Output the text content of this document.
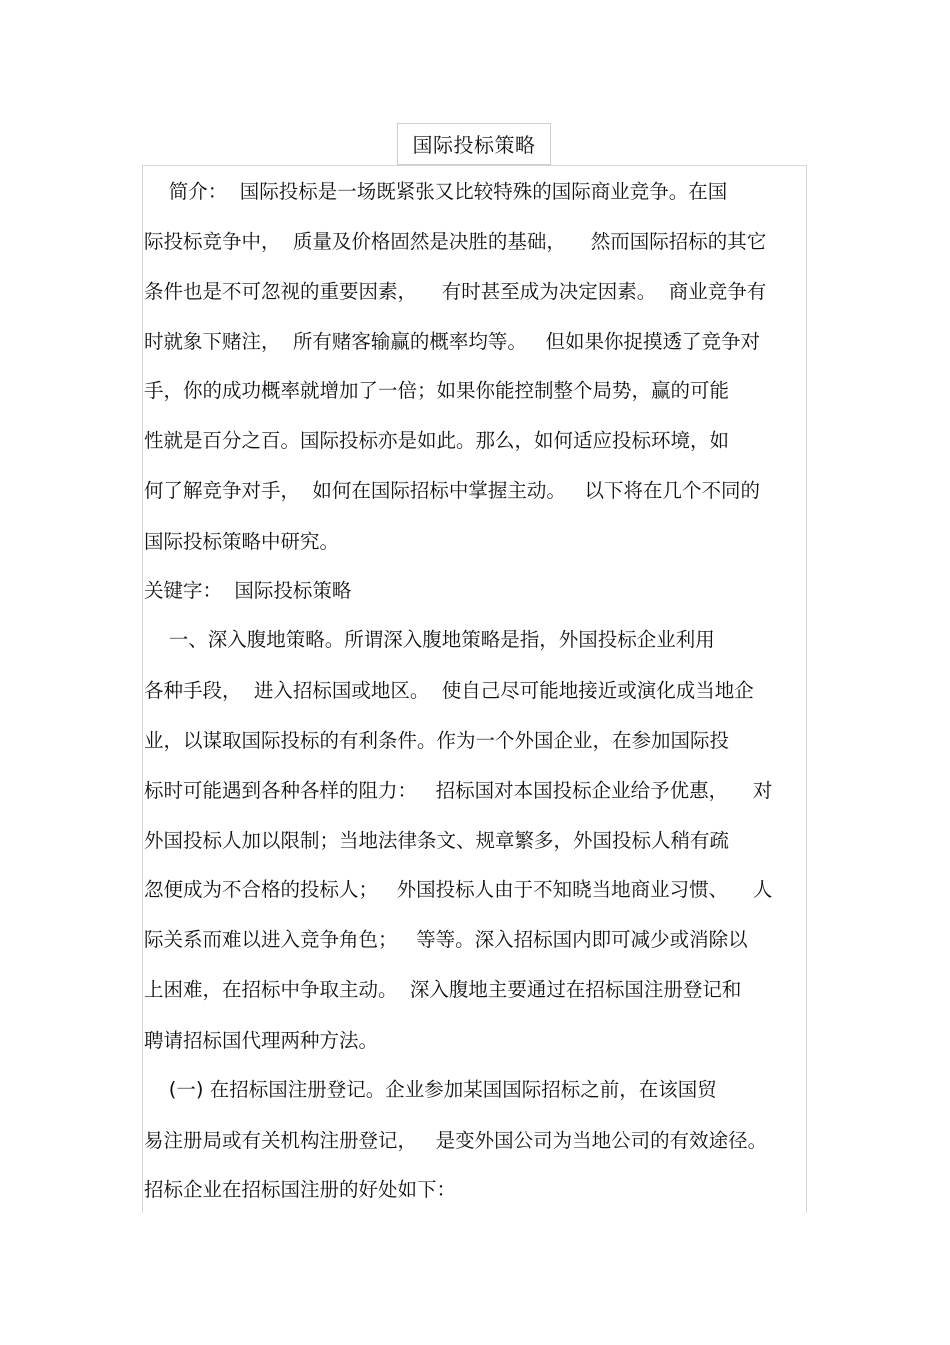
国际投标策略
简介：  国际投标是一场既紧张又比较特殊的国际商业竞争。在国
际投标竞争中，  质量及价格固然是决胜的基础，    然而国际招标的其它
条件也是不可忽视的重要因素，    有时甚至成为决定因素。  商业竞争有
时就象下赌注，  所有赌客输赢的概率均等。   但如果你捉摸透了竞争对
手，你的成功概率就增加了一倍；如果你能控制整个局势，赢的可能
性就是百分之百。国际投标亦是如此。那么，如何适应投标环境，如
何了解竞争对手，  如何在国际招标中掌握主动。   以下将在几个不同的
国际投标策略中研究。
关键字：  国际投标策略
一、深入腹地策略。所谓深入腹地策略是指，外国投标企业利用
各种手段，  进入招标国或地区。  使自己尽可能地接近或演化成当地企
业，以谋取国际投标的有利条件。作为一个外国企业，在参加国际投
标时可能遇到各种各样的阻力：   招标国对本国投标企业给予优惠，    对
外国投标人加以限制；当地法律条文、规章繁多，外国投标人稍有疏
忽便成为不合格的投标人；   外国投标人由于不知晓当地商业习惯、    人
际关系而难以进入竞争角色；   等等。深入招标国内即可减少或消除以
上困难，在招标中争取主动。  深入腹地主要通过在招标国注册登记和
聘请招标国代理两种方法。
(一) 在招标国注册登记。企业参加某国国际招标之前，在该国贸
易注册局或有关机构注册登记，   是变外国公司为当地公司的有效途径。
招标企业在招标国注册的好处如下：
